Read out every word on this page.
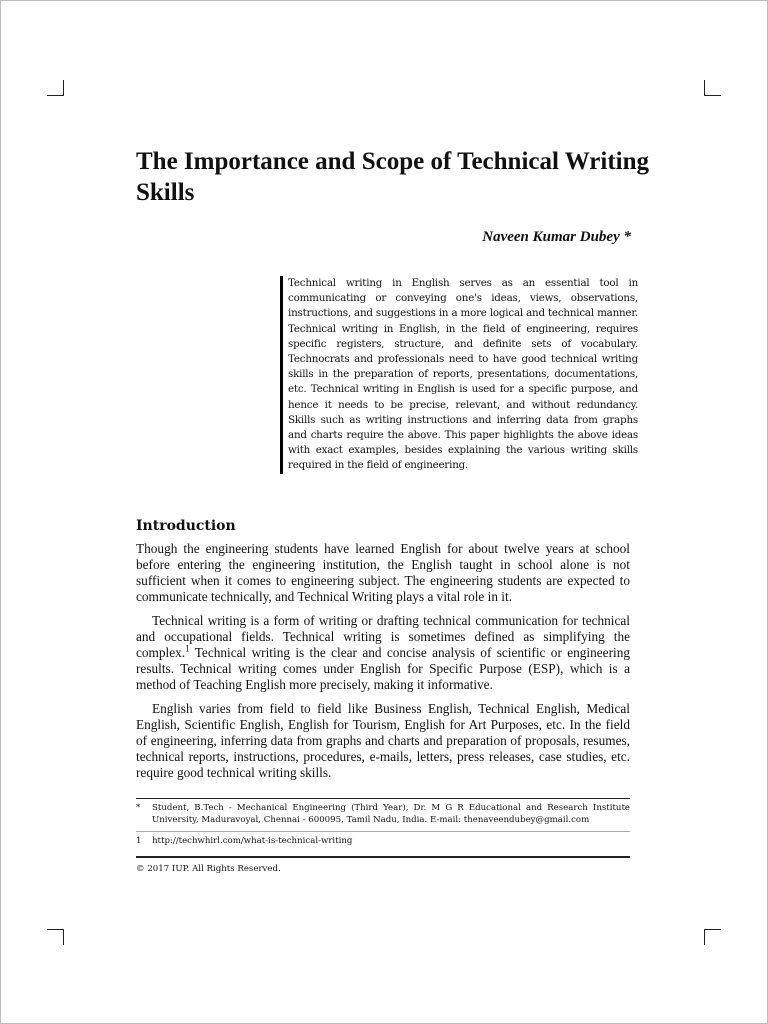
The Importance and Scope of Technical Writing Skills
Naveen Kumar Dubey *

Technical writing in English serves as an essential tool in communicating or conveying one's ideas, views, observations, instructions, and suggestions in a more logical and technical manner. Technical writing in English, in the field of engineering, requires specific registers, structure, and definite sets of vocabulary. Technocrats and professionals need to have good technical writing skills in the preparation of reports, presentations, documentations, etc. Technical writing in English is used for a specific purpose, and hence it needs to be precise, relevant, and without redundancy. Skills such as writing instructions and inferring data from graphs and charts require the above. This paper highlights the above ideas with exact examples, besides explaining the various writing skills required in the field of engineering.

Introduction

Though the engineering students have learned English for about twelve years at school before entering the engineering institution, the English taught in school alone is not sufficient when it comes to engineering subject. The engineering students are expected to communicate technically, and Technical Writing plays a vital role in it.

Technical writing is a form of writing or drafting technical communication for technical and occupational fields. Technical writing is sometimes defined as simplifying the complex.$^1$ Technical writing is the clear and concise analysis of scientific or engineering results. Technical writing comes under English for Specific Purpose (ESP), which is a method of Teaching English more precisely, making it informative.

English varies from field to field like Business English, Technical English, Medical English, Scientific English, English for Tourism, English for Art Purposes, etc. In the field of engineering, inferring data from graphs and charts and preparation of proposals, resumes, technical reports, instructions, procedures, e-mails, letters, press releases, case studies, etc. require good technical writing skills.

*	Student, B.Tech - Mechanical Engineering (Third Year), Dr. M G R Educational and Research Institute University, Maduravoyal, Chennai - 600095, Tamil Nadu, India. E-mail: thenaveendubey@gmail.com
1	http://techwhirl.com/what-is-technical-writing
© 2017 IUP. All Rights Reserved.
